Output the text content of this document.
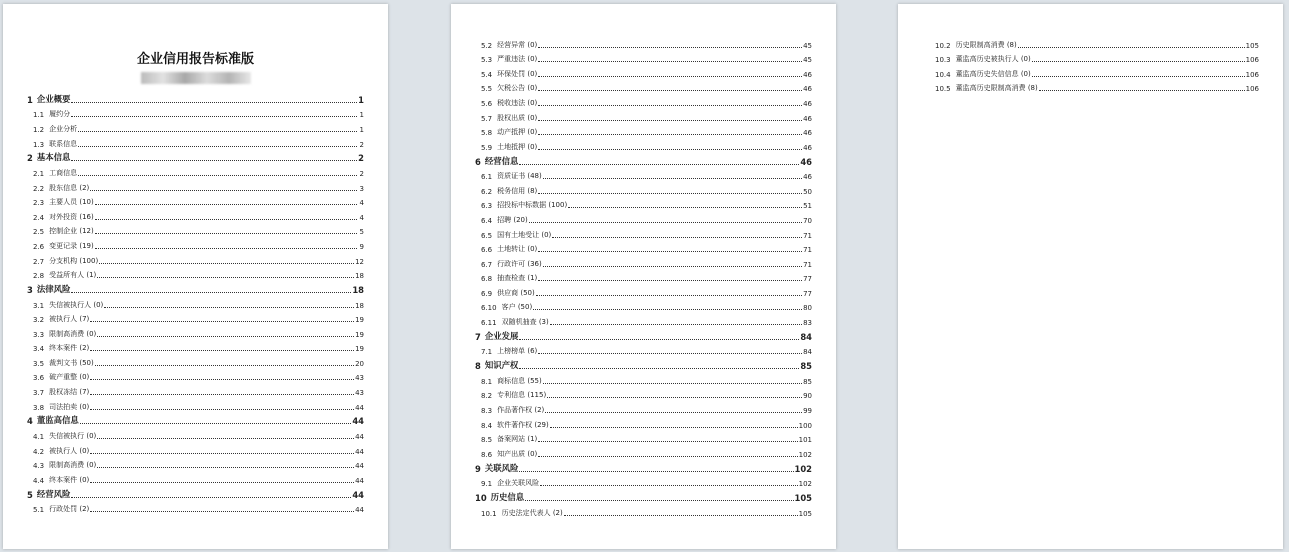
企业信用报告标准版
1 企业概要	1
1.1 履约分	1
1.2 企业分析	1
1.3 联系信息	2
2 基本信息	2
2.1 工商信息	2
2.2 股东信息 (2)	3
2.3 主要人员 (10)	4
2.4 对外投资 (16)	4
2.5 控制企业 (12)	5
2.6 变更记录 (19)	9
2.7 分支机构 (100)	12
2.8 受益所有人 (1)	18
3 法律风险	18
3.1 失信被执行人 (0)	18
3.2 被执行人 (7)	19
3.3 限制高消费 (0)	19
3.4 终本案件 (2)	19
3.5 裁判文书 (50)	20
3.6 破产重整 (0)	43
3.7 股权冻结 (7)	43
3.8 司法拍卖 (0)	44
4 董监高信息	44
4.1 失信被执行 (0)	44
4.2 被执行人 (0)	44
4.3 限制高消费 (0)	44
4.4 终本案件 (0)	44
5 经营风险	44
5.1 行政处罚 (2)	44
5.2 经营异常 (0)	45
5.3 严重违法 (0)	45
5.4 环保处罚 (0)	46
5.5 欠税公告 (0)	46
5.6 税收违法 (0)	46
5.7 股权出质 (0)	46
5.8 动产抵押 (0)	46
5.9 土地抵押 (0)	46
6 经营信息	46
6.1 资质证书 (48)	46
6.2 税务信用 (8)	50
6.3 招投标中标数据 (100)	51
6.4 招聘 (20)	70
6.5 国有土地受让 (0)	71
6.6 土地转让 (0)	71
6.7 行政许可 (36)	71
6.8 抽查检查 (1)	77
6.9 供应商 (50)	77
6.10 客户 (50)	80
6.11 双随机抽查 (3)	83
7 企业发展	84
7.1 上榜榜单 (6)	84
8 知识产权	85
8.1 商标信息 (55)	85
8.2 专利信息 (115)	90
8.3 作品著作权 (2)	99
8.4 软件著作权 (29)	100
8.5 备案网站 (1)	101
8.6 知产出质 (0)	102
9 关联风险	102
9.1 企业关联风险	102
10 历史信息	105
10.1 历史法定代表人 (2)	105
10.2 历史限制高消费 (8)	105
10.3 董监高历史被执行人 (0)	106
10.4 董监高历史失信信息 (0)	106
10.5 董监高历史限制高消费 (8)	106
